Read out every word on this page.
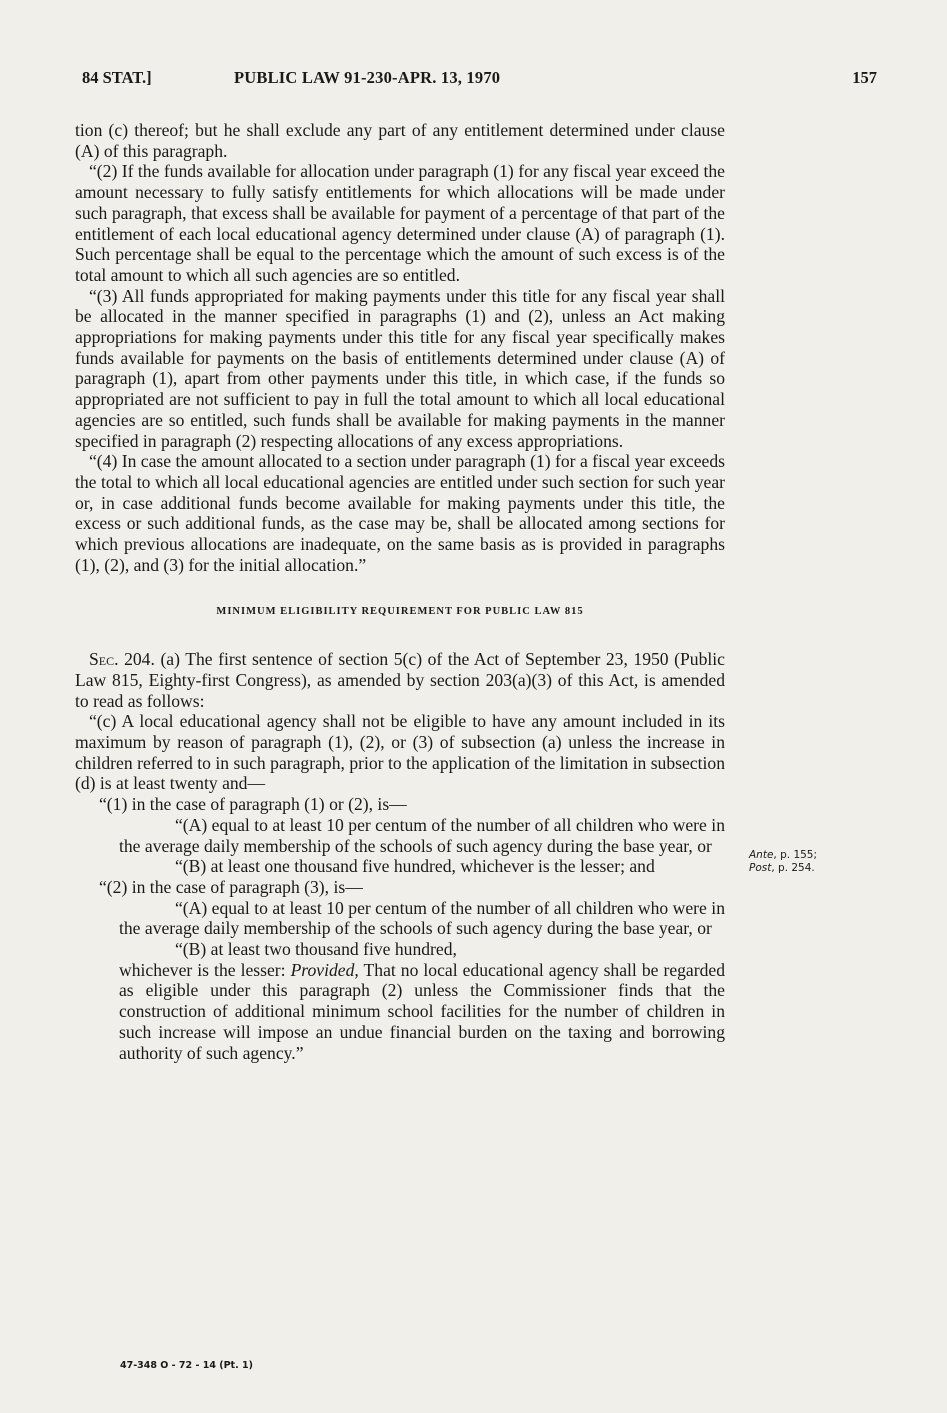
84 STAT.]	PUBLIC LAW 91-230-APR. 13, 1970	157

tion (c) thereof; but he shall exclude any part of any entitlement determined under clause (A) of this paragraph.

“(2) If the funds available for allocation under paragraph (1) for any fiscal year exceed the amount necessary to fully satisfy entitlements for which allocations will be made under such paragraph, that excess shall be available for payment of a percentage of that part of the entitlement of each local educational agency determined under clause (A) of paragraph (1). Such percentage shall be equal to the percentage which the amount of such excess is of the total amount to which all such agencies are so entitled.

“(3) All funds appropriated for making payments under this title for any fiscal year shall be allocated in the manner specified in paragraphs (1) and (2), unless an Act making appropriations for making payments under this title for any fiscal year specifically makes funds available for payments on the basis of entitlements determined under clause (A) of paragraph (1), apart from other payments under this title, in which case, if the funds so appropriated are not sufficient to pay in full the total amount to which all local educational agencies are so entitled, such funds shall be available for making payments in the manner specified in paragraph (2) respecting allocations of any excess appropriations.

“(4) In case the amount allocated to a section under paragraph (1) for a fiscal year exceeds the total to which all local educational agencies are entitled under such section for such year or, in case additional funds become available for making payments under this title, the excess or such additional funds, as the case may be, shall be allocated among sections for which previous allocations are inadequate, on the same basis as is provided in paragraphs (1), (2), and (3) for the initial allocation.”

MINIMUM ELIGIBILITY REQUIREMENT FOR PUBLIC LAW 815

Sec. 204. (a) The first sentence of section 5(c) of the Act of September 23, 1950 (Public Law 815, Eighty-first Congress), as amended by section 203(a)(3) of this Act, is amended to read as follows:

“(c) A local educational agency shall not be eligible to have any amount included in its maximum by reason of paragraph (1), (2), or (3) of subsection (a) unless the increase in children referred to in such paragraph, prior to the application of the limitation in subsection (d) is at least twenty and—

“(1) in the case of paragraph (1) or (2), is—

“(A) equal to at least 10 per centum of the number of all children who were in the average daily membership of the schools of such agency during the base year, or

“(B) at least one thousand five hundred, whichever is the lesser; and

“(2) in the case of paragraph (3), is—

“(A) equal to at least 10 per centum of the number of all children who were in the average daily membership of the schools of such agency during the base year, or

“(B) at least two thousand five hundred,

whichever is the lesser: Provided, That no local educational agency shall be regarded as eligible under this paragraph (2) unless the Commissioner finds that the construction of additional minimum school facilities for the number of children in such increase will impose an undue financial burden on the taxing and borrowing authority of such agency.”

Ante, p. 155;
Post, p. 254.
47-348 O - 72 - 14 (Pt. 1)
